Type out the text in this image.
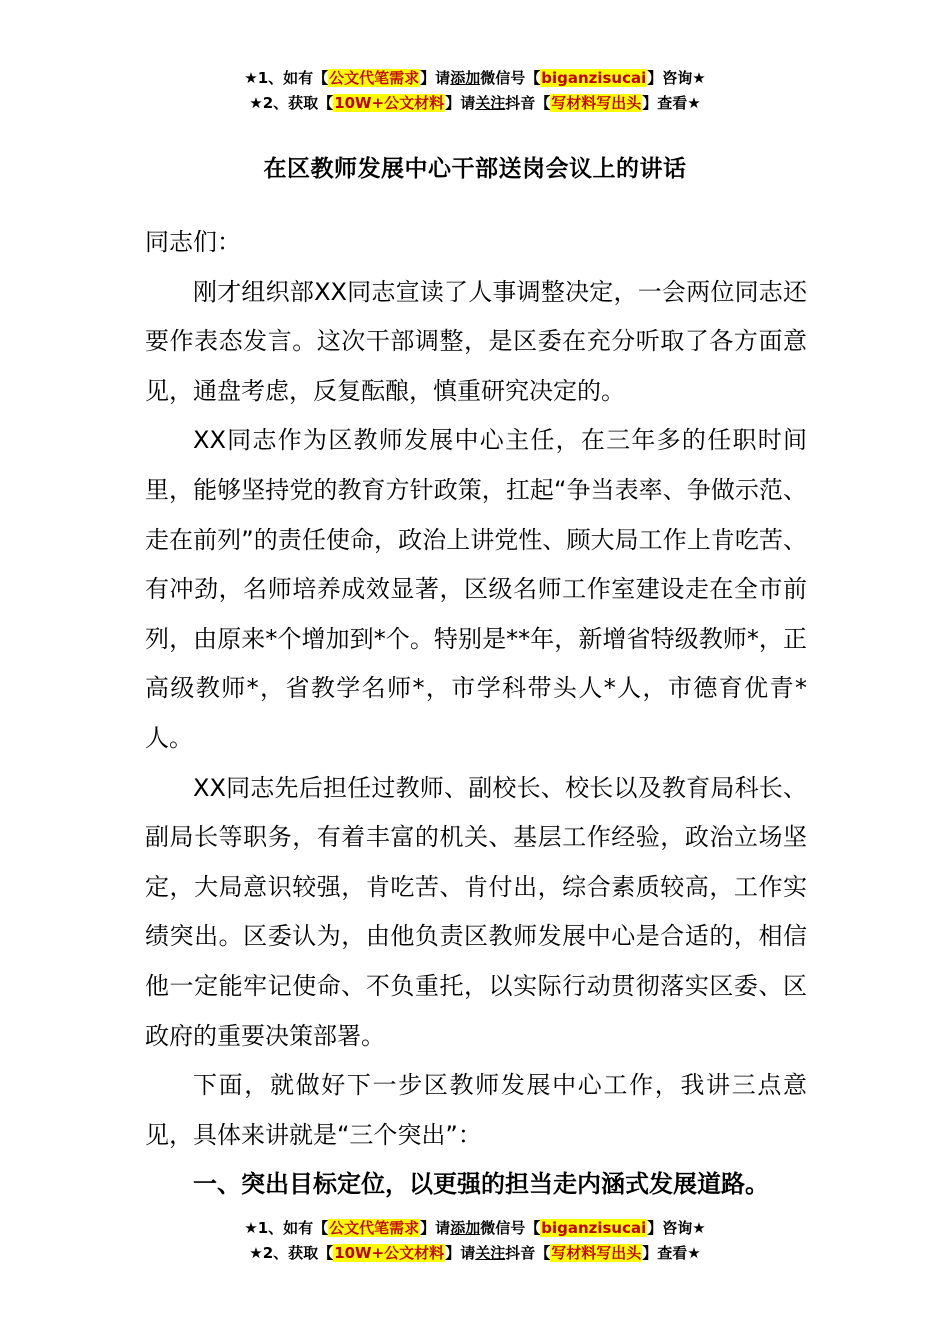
★1、如有【公文代笔需求】请添加微信号【biganzisucai】咨询★
★2、获取【10W+公文材料】请关注抖音【写材料写出头】查看★
在区教师发展中心干部送岗会议上的讲话

同志们：

刚才组织部XX同志宣读了人事调整决定，一会两位同志还要作表态发言。这次干部调整，是区委在充分听取了各方面意见，通盘考虑，反复酝酿，慎重研究决定的。

XX同志作为区教师发展中心主任，在三年多的任职时间里，能够坚持党的教育方针政策，扛起“争当表率、争做示范、走在前列”的责任使命，政治上讲党性、顾大局工作上肯吃苦、有冲劲，名师培养成效显著，区级名师工作室建设走在全市前列，由原来*个增加到*个。特别是**年，新增省特级教师*，正高级教师*，省教学名师*，市学科带头人*人，市德育优青*人。

XX同志先后担任过教师、副校长、校长以及教育局科长、副局长等职务，有着丰富的机关、基层工作经验，政治立场坚定，大局意识较强，肯吃苦、肯付出，综合素质较高，工作实绩突出。区委认为，由他负责区教师发展中心是合适的，相信他一定能牢记使命、不负重托，以实际行动贯彻落实区委、区政府的重要决策部署。

下面，就做好下一步区教师发展中心工作，我讲三点意见，具体来讲就是“三个突出”：

一、突出目标定位，以更强的担当走内涵式发展道路。

★1、如有【公文代笔需求】请添加微信号【biganzisucai】咨询★
★2、获取【10W+公文材料】请关注抖音【写材料写出头】查看★
